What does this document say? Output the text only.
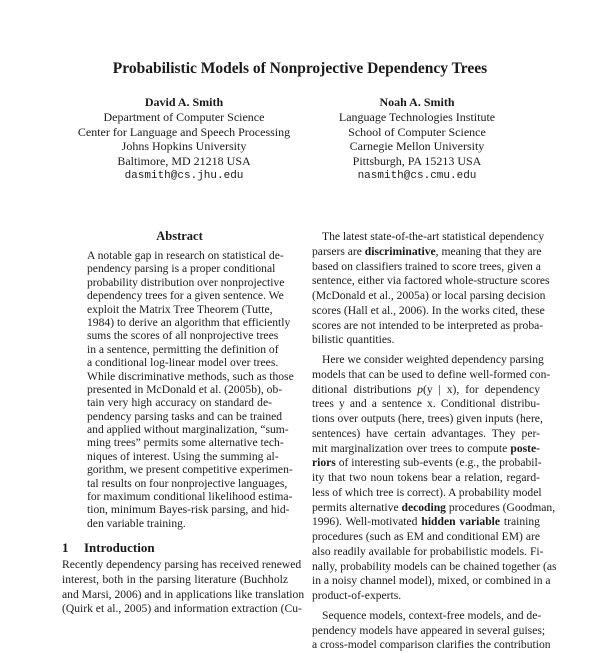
Probabilistic Models of Nonprojective Dependency Trees
David A. Smith
Department of Computer Science
Center for Language and Speech Processing
Johns Hopkins University
Baltimore, MD 21218 USA
dasmith@cs.jhu.edu
Noah A. Smith
Language Technologies Institute
School of Computer Science
Carnegie Mellon University
Pittsburgh, PA 15213 USA
nasmith@cs.cmu.edu
Abstract
A notable gap in research on statistical de-
pendency parsing is a proper conditional
probability distribution over nonprojective
dependency trees for a given sentence. We
exploit the Matrix Tree Theorem (Tutte,
1984) to derive an algorithm that efficiently
sums the scores of all nonprojective trees
in a sentence, permitting the definition of
a conditional log-linear model over trees.
While discriminative methods, such as those
presented in McDonald et al. (2005b), ob-
tain very high accuracy on standard de-
pendency parsing tasks and can be trained
and applied without marginalization, “sum-
ming trees” permits some alternative tech-
niques of interest. Using the summing al-
gorithm, we present competitive experimen-
tal results on four nonprojective languages,
for maximum conditional likelihood estima-
tion, minimum Bayes-risk parsing, and hid-
den variable training.
1 Introduction
Recently dependency parsing has received renewed
interest, both in the parsing literature (Buchholz
and Marsi, 2006) and in applications like translation
(Quirk et al., 2005) and information extraction (Cu-
The latest state-of-the-art statistical dependency
parsers are discriminative, meaning that they are
based on classifiers trained to score trees, given a
sentence, either via factored whole-structure scores
(McDonald et al., 2005a) or local parsing decision
scores (Hall et al., 2006). In the works cited, these
scores are not intended to be interpreted as proba-
bilistic quantities.
Here we consider weighted dependency parsing
models that can be used to define well-formed con-
ditional distributions p(y | x), for dependency
trees y and a sentence x. Conditional distribu-
tions over outputs (here, trees) given inputs (here,
sentences) have certain advantages. They per-
mit marginalization over trees to compute poste-
riors of interesting sub-events (e.g., the probabil-
ity that two noun tokens bear a relation, regard-
less of which tree is correct). A probability model
permits alternative decoding procedures (Goodman,
1996). Well-motivated hidden variable training
procedures (such as EM and conditional EM) are
also readily available for probabilistic models. Fi-
nally, probability models can be chained together (as
in a noisy channel model), mixed, or combined in a
product-of-experts.
Sequence models, context-free models, and de-
pendency models have appeared in several guises;
a cross-model comparison clarifies the contribution
